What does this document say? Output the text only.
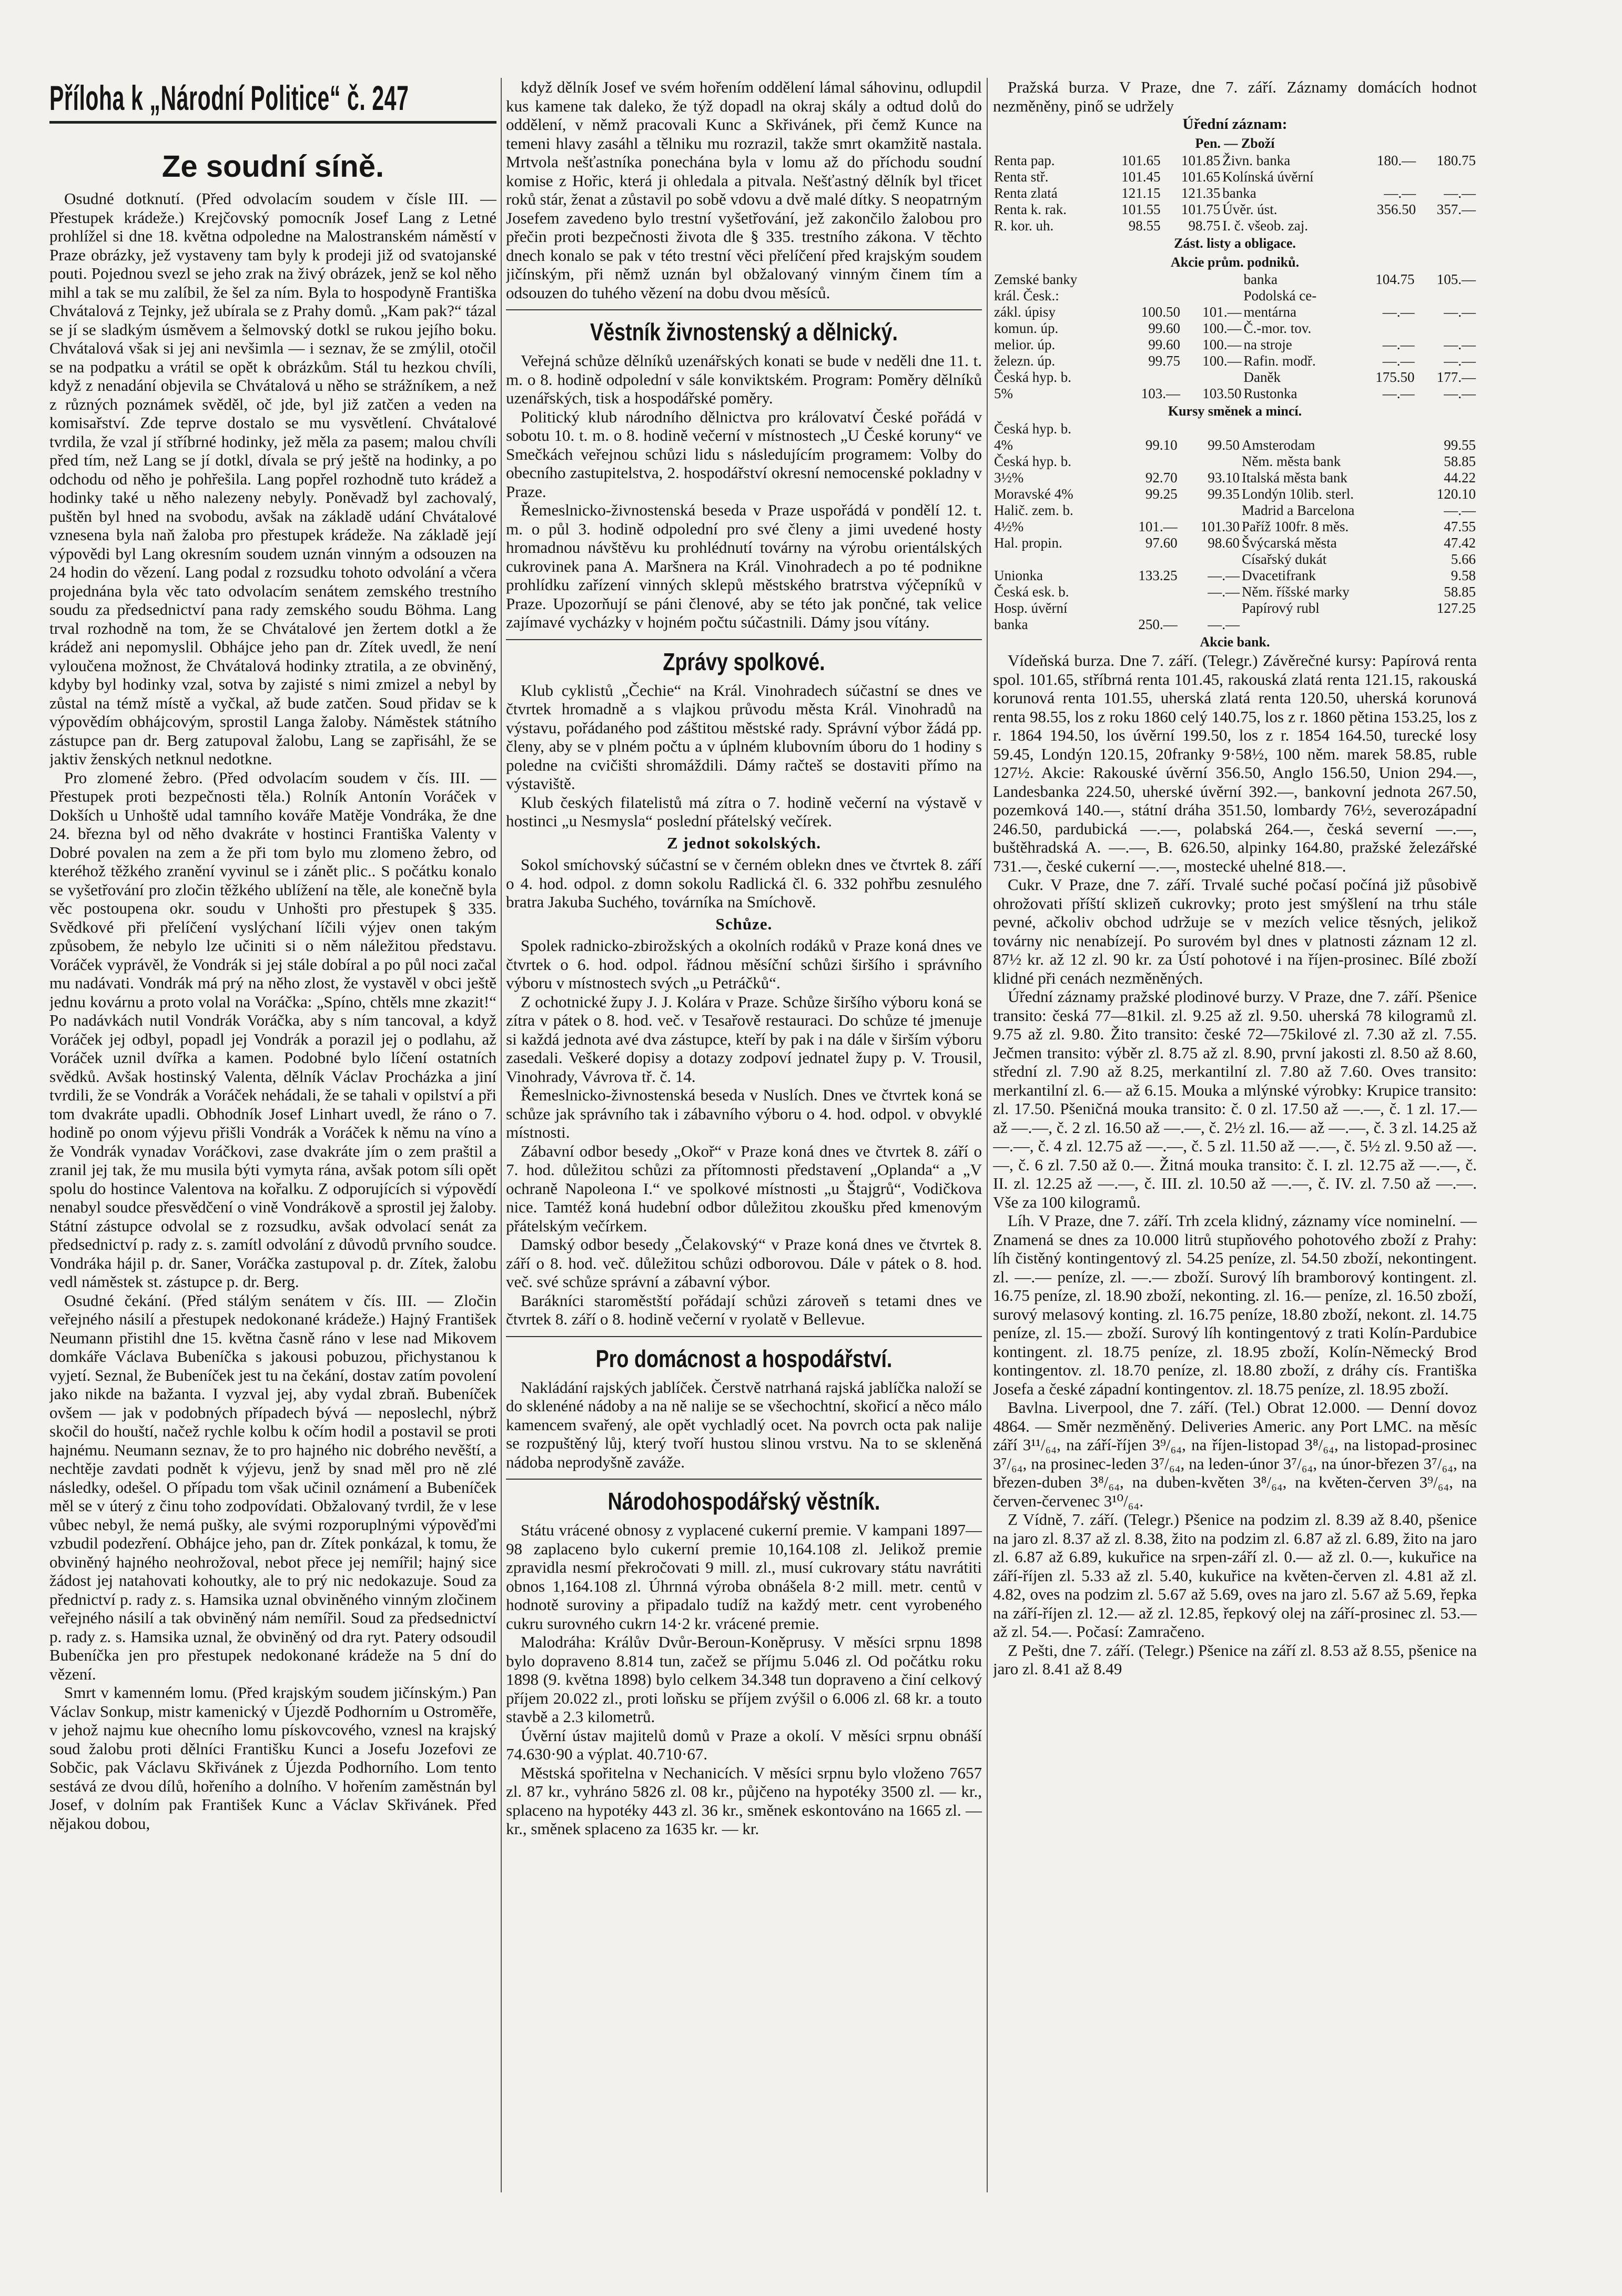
Příloha k „Národní Politice“ č. 247
Ze soudní síně.

Osudné dotknutí. (Před odvolacím soudem v čísle III. — Přestupek krádeže.) Krejčovský pomocník Josef Lang z Letné prohlížel si dne 18. května odpoledne na Malostranském náměstí v Praze obrázky, jež vystaveny tam byly k prodeji již od svatojanské pouti. Pojednou svezl se jeho zrak na živý obrázek, jenž se kol něho mihl a tak se mu zalíbil, že šel za ním. Byla to hospodyně Františka Chvátalová z Tejnky, jež ubírala se z Prahy domů. „Kam pak?“ tázal se jí se sladkým úsměvem a šelmovský dotkl se rukou jejího boku. Chvátalová však si jej ani nevšimla — i seznav, že se zmýlil, otočil se na podpatku a vrátil se opět k obrázkům. Stál tu hezkou chvíli, když z nenadání objevila se Chvátalová u něho se strážníkem, a než z různých poznámek svěděl, oč jde, byl již zatčen a veden na komisařství. Zde teprve dostalo se mu vysvětlení. Chvátalové tvrdila, že vzal jí stříbrné hodinky, jež měla za pasem; malou chvíli před tím, než Lang se jí dotkl, dívala se prý ještě na hodinky, a po odchodu od něho je pohřešila. Lang popřel rozhodně tuto krádež a hodinky také u něho nalezeny nebyly. Poněvadž byl zachovalý, puštěn byl hned na svobodu, avšak na základě udání Chvátalové vznesena byla naň žaloba pro přestupek krádeže. Na základě její výpovědi byl Lang okresním soudem uznán vinným a odsouzen na 24 hodin do vězení. Lang podal z rozsudku tohoto odvolání a včera projednána byla věc tato odvolacím senátem zemského trestního soudu za předsednictví pana rady zemského soudu Böhma. Lang trval rozhodně na tom, že se Chvátalové jen žertem dotkl a že krádež ani nepomyslil. Obhájce jeho pan dr. Zítek uvedl, že není vyloučena možnost, že Chvátalová hodinky ztratila, a ze obviněný, kdyby byl hodinky vzal, sotva by zajisté s nimi zmizel a nebyl by zůstal na témž místě a vyčkal, až bude zatčen. Soud přidav se k výpovědím obhájcovým, sprostil Langa žaloby. Náměstek státního zástupce pan dr. Berg zatupoval žalobu, Lang se zapřisáhl, že se jaktiv ženských netknul nedotkne.

Pro zlomené žebro. (Před odvolacím soudem v čís. III. — Přestupek proti bezpečnosti těla.) Rolník Antonín Voráček v Dokších u Unhoště udal tamního kováře Matěje Vondráka, že dne 24. března byl od něho dvakráte v hostinci Františka Valenty v Dobré povalen na zem a že při tom bylo mu zlomeno žebro, od kteréhož těžkého zranění vyvinul se i zánět plic.. S počátku konalo se vyšetřování pro zločin těžkého ublížení na těle, ale konečně byla věc postoupena okr. soudu v Unhošti pro přestupek § 335. Svědkové při přelíčení vyslýchaní líčili výjev onen takým způsobem, že nebylo lze učiniti si o něm náležitou představu. Voráček vyprávěl, že Vondrák si jej stále dobíral a po půl noci začal mu nadávati. Vondrák má prý na něho zlost, že vystavěl v obci ještě jednu kovárnu a proto volal na Voráčka: „Spíno, chtěls mne zkazit!“ Po nadávkách nutil Vondrák Voráčka, aby s ním tancoval, a když Voráček jej odbyl, popadl jej Vondrák a porazil jej o podlahu, až Voráček uznil dvířka a kamen. Podobné bylo líčení ostatních svědků. Avšak hostinský Valenta, dělník Václav Procházka a jiní tvrdili, že se Vondrák a Voráček nehádali, že se tahali v opilství a při tom dvakráte upadli. Obhodník Josef Linhart uvedl, že ráno o 7. hodině po onom výjevu přišli Vondrák a Voráček k němu na víno a že Vondrák vynadav Voráčkovi, zase dvakráte jím o zem praštil a zranil jej tak, že mu musila býti vymyta rána, avšak potom síli opět spolu do hostince Valentova na kořalku. Z odporujících si výpovědí nenabyl soudce přesvědčení o vině Vondrákově a sprostil jej žaloby. Státní zástupce odvolal se z rozsudku, avšak odvolací senát za předsednictví p. rady z. s. zamítl odvolání z důvodů prvního soudce. Vondráka hájil p. dr. Saner, Voráčka zastupoval p. dr. Zítek, žalobu vedl náměstek st. zástupce p. dr. Berg.

Osudné čekání. (Před stálým senátem v čís. III. — Zločin veřejného násilí a přestupek nedokonané krádeže.) Hajný František Neumann přistihl dne 15. května časně ráno v lese nad Mikovem domkáře Václava Bubeníčka s jakousi pobuzou, přichystanou k vyjetí. Seznal, že Bubeníček jest tu na čekání, dostav zatím povolení jako nikde na bažanta. I vyzval jej, aby vydal zbraň. Bubeníček ovšem — jak v podobných případech bývá — neposlechl, nýbrž skočil do houští, načež rychle kolbu k očím hodil a postavil se proti hajnému. Neumann seznav, že to pro hajného nic dobrého nevěští, a nechtěje zavdati podnět k výjevu, jenž by snad měl pro ně zlé následky, odešel. O případu tom však učinil oznámení a Bubeníček měl se v úterý z činu toho zodpovídati. Obžalovaný tvrdil, že v lese vůbec nebyl, že nemá pušky, ale svými rozporuplnými výpověďmi vzbudil podezření. Obhájce jeho, pan dr. Zítek ponkázal, k tomu, že obviněný hajného neohrožoval, nebot přece jej nemířil; hajný sice žádost jej natahovati kohoutky, ale to prý nic nedokazuje. Soud za přednictví p. rady z. s. Hamsika uznal obviněného vinným zločinem veřejného násilí a tak obviněný nám nemířil. Soud za předsednictví p. rady z. s. Hamsika uznal, že obviněný od dra ryt. Patery odsoudil Bubeníčka jen pro přestupek nedokonané krádeže na 5 dní do vězení.

Smrt v kamenném lomu. (Před krajským soudem jičínským.) Pan Václav Sonkup, mistr kamenický v Újezdě Podhorním u Ostroměře, v jehož najmu kue ohecního lomu pískovcového, vznesl na krajský soud žalobu proti dělníci Františku Kunci a Josefu Jozefovi ze Sobčic, pak Václavu Skřivánek z Újezda Podhorního. Lom tento sestává ze dvou dílů, hořeního a dolního. V hořením zaměstnán byl Josef, v dolním pak František Kunc a Václav Skřivánek. Před nějakou dobou,

když dělník Josef ve svém hořením oddělení lámal sáhovinu, odlupdil kus kamene tak daleko, že týž dopadl na okraj skály a odtud dolů do oddělení, v němž pracovali Kunc a Skřivánek, při čemž Kunce na temeni hlavy zasáhl a tělniku mu rozrazil, takže smrt okamžitě nastala. Mrtvola nešťastníka ponechána byla v lomu až do příchodu soudní komise z Hořic, která ji ohledala a pitvala. Nešťastný dělník byl třicet roků stár, ženat a zůstavil po sobě vdovu a dvě malé dítky. S neopatrným Josefem zavedeno bylo trestní vyšetřování, jež zakončilo žalobou pro přečin proti bezpečnosti života dle § 335. trestního zákona. V těchto dnech konalo se pak v této trestní věci přelíčení před krajským soudem jičínským, při němž uznán byl obžalovaný vinným činem tím a odsouzen do tuhého vězení na dobu dvou měsíců.

Věstník živnostenský a dělnický.

Veřejná schůze dělníků uzenářských konati se bude v neděli dne 11. t. m. o 8. hodině odpolední v sále konviktském. Program: Poměry dělníků uzenářských, tisk a hospodářské poměry.

Politický klub národního dělnictva pro královatví České pořádá v sobotu 10. t. m. o 8. hodině večerní v místnostech „U České koruny“ ve Smečkách veřejnou schůzi lidu s následujícím programem: Volby do obecního zastupitelstva, 2. hospodářství okresní nemocenské pokladny v Praze.

Řemeslnicko-živnostenská beseda v Praze uspořádá v pondělí 12. t. m. o půl 3. hodině odpolední pro své členy a jimi uvedené hosty hromadnou návštěvu ku prohlédnutí továrny na výrobu orientálských cukrovinek pana A. Maršnera na Král. Vinohradech a po té podnikne prohlídku zařízení vinných sklepů městského bratrstva výčepníků v Praze. Upozorňují se páni členové, aby se této jak pončné, tak velice zajímavé vycházky v hojném počtu súčastnili. Dámy jsou vítány.

Zprávy spolkové.

Klub cyklistů „Čechie“ na Král. Vinohradech súčastní se dnes ve čtvrtek hromadně a s vlajkou průvodu města Král. Vinohradů na výstavu, pořádaného pod záštitou městské rady. Správní výbor žádá pp. členy, aby se v plném počtu a v úplném klubovním úboru do 1 hodiny s poledne na cvičišti shromáždili. Dámy račteš se dostaviti přímo na výstaviště.

Klub českých filatelistů má zítra o 7. hodině večerní na výstavě v hostinci „u Nesmysla“ poslední přátelský večírek.

Z jednot sokolských.

Sokol smíchovský súčastní se v černém oblekn dnes ve čtvrtek 8. září o 4. hod. odpol. z domn sokolu Radlická čl. 6. 332 pohřbu zesnulého bratra Jakuba Suchého, továrníka na Smíchově.

Schůze.

Spolek radnicko-zbirožských a okolních rodáků v Praze koná dnes ve čtvrtek o 6. hod. odpol. řádnou měsíční schůzi širšího i správního výboru v místnostech svých „u Petráčků“.

Z ochotnické župy J. J. Kolára v Praze. Schůze širšího výboru koná se zítra v pátek o 8. hod. več. v Tesařově restauraci. Do schůze té jmenuje si každá jednota avé dva zástupce, kteří by pak i na dále v širším výboru zasedali. Veškeré dopisy a dotazy zodpoví jednatel župy p. V. Trousil, Vinohrady, Vávrova tř. č. 14.

Řemeslnicko-živnostenská beseda v Nuslích. Dnes ve čtvrtek koná se schůze jak správního tak i zábavního výboru o 4. hod. odpol. v obvyklé místnosti.

Zábavní odbor besedy „Okoř“ v Praze koná dnes ve čtvrtek 8. září o 7. hod. důležitou schůzi za přítomnosti představení „Oplanda“ a „V ochraně Napoleona I.“ ve spolkové místnosti „u Štajgrů“, Vodičkova nice. Tamtéž koná hudební odbor důležitou zkoušku před kmenovým přátelským večírkem.

Damský odbor besedy „Čelakovský“ v Praze koná dnes ve čtvrtek 8. září o 8. hod. več. důležitou schůzi odborovou. Dále v pátek o 8. hod. več. své schůze správní a zábavní výbor.

Barákníci staroměstští pořádají schůzi zároveň s tetami dnes ve čtvrtek 8. září o 8. hodině večerní v ryolatě v Bellevue.

Pro domácnost a hospodářství.

Nakládání rajských jablíček. Čerstvě natrhaná rajská jablíčka naloží se do sklenéné nádoby a na ně nalije se se všechochtní, skořicí a něco málo kamencem svařený, ale opět vychladlý ocet. Na povrch octa pak nalije se rozpuštěný lůj, který tvoří hustou slinou vrstvu. Na to se skleněná nádoba neprodyšně zaváže.

Národohospodářský věstník.

Státu vrácené obnosy z vyplacené cukerní premie. V kampani 1897—98 zaplaceno bylo cukerní premie 10,164.108 zl. Jelikož premie zpravidla nesmí překročovati 9 mill. zl., musí cukrovary státu navrátiti obnos 1,164.108 zl. Úhrnná výroba obnášela 8·2 mill. metr. centů v hodnotě suroviny a připadalo tudíž na každý metr. cent vyrobeného cukru surovného cukrn 14·2 kr. vrácené premie.

Malodráha: Králův Dvůr-Beroun-Koněprusy. V měsíci srpnu 1898 bylo dopraveno 8.814 tun, začež se příjmu 5.046 zl. Od počátku roku 1898 (9. května 1898) bylo celkem 34.348 tun dopraveno a činí celkový příjem 20.022 zl., proti loňsku se příjem zvýšil o 6.006 zl. 68 kr. a touto stavbě a 2.3 kilometrů.

Úvěrní ústav majitelů domů v Praze a okolí. V měsíci srpnu obnáší 74.630·90 a výplat. 40.710·67.

Městská spořitelna v Nechanicích. V měsíci srpnu bylo vloženo 7657 zl. 87 kr., vyhráno 5826 zl. 08 kr., půjčeno na hypotéky 3500 zl. — kr., splaceno na hypotéky 443 zl. 36 kr., směnek eskontováno na 1665 zl. — kr., směnek splaceno za 1635 kr. — kr.

Pražská burza. V Praze, dne 7. září. Záznamy domácích hodnot nezměněny, pinő se udržely

Úřední záznam:
Pen. — Zboží
Renta pap.	101.65	101.85	Živn. banka	180.—	180.75
Renta stř.	101.45	101.65	Kolínská úvěrní		
Renta zlatá	121.15	121.35	banka	—.—	—.—
Renta k. rak.	101.55	101.75	Úvěr. úst.	356.50	357.—
R. kor. uh.	98.55	98.75	I. č. všeob. zaj.		
Zást. listy a obligace.
Akcie prům. podniků.
Zemské banky			banka	104.75	105.—
král. Česk.:			Podolská ce-		
zákl. úpisy	100.50	101.—	mentárna	—.—	—.—
komun. úp.	99.60	100.—	Č.-mor. tov.		
melior. úp.	99.60	100.—	na stroje	—.—	—.—
železn. úp.	99.75	100.—	Rafin. modř.	—.—	—.—
Česká hyp. b.			Daněk	175.50	177.—
5%	103.—	103.50	Rustonka	—.—	—.—
Kursy směnek a mincí.
Česká hyp. b.				
4%	99.10	99.50	Amsterodam	99.55
Česká hyp. b.			Něm. města bank	58.85
3½%	92.70	93.10	Italská města bank	44.22
Moravské 4%	99.25	99.35	Londýn 10lib. sterl.	120.10
Halič. zem. b.			Madrid a Barcelona	—.—
4½%	101.—	101.30	Paříž 100fr. 8 měs.	47.55
Hal. propin.	97.60	98.60	Švýcarská města	47.42
			Císařský dukát	5.66
Unionka	133.25	—.—	Dvacetifrank	9.58
Česká esk. b.		—.—	Něm. říšské marky	58.85
Hosp. úvěrní			Papírový rubl	127.25
banka	250.—	—.—		
Akcie bank.

Vídeňská burza. Dne 7. září. (Telegr.) Závěrečné kursy: Papírová renta spol. 101.65, stříbrná renta 101.45, rakouská zlatá renta 121.15, rakouská korunová renta 101.55, uherská zlatá renta 120.50, uherská korunová renta 98.55, los z roku 1860 celý 140.75, los z r. 1860 pětina 153.25, los z r. 1864 194.50, los úvěrní 199.50, los z r. 1854 164.50, turecké losy 59.45, Londýn 120.15, 20franky 9·58½, 100 něm. marek 58.85, ruble 127½. Akcie: Rakouské úvěrní 356.50, Anglo 156.50, Union 294.—, Landesbanka 224.50, uherské úvěrní 392.—, bankovní jednota 267.50, pozemková 140.—, státní dráha 351.50, lombardy 76½, severozápadní 246.50, pardubická —.—, polabská 264.—, česká severní —.—, buštěhradská A. —.—, B. 626.50, alpinky 164.80, pražské železářské 731.—, české cukerní —.—, mostecké uhelné 818.—.

Cukr. V Praze, dne 7. září. Trvalé suché počasí počíná již působivě ohrožovati příští sklizeň cukrovky; proto jest smýšlení na trhu stále pevné, ačkoliv obchod udržuje se v mezích velice těsných, jelikož továrny nic nenabízejí. Po surovém byl dnes v platnosti záznam 12 zl. 87½ kr. až 12 zl. 90 kr. za Ústí pohotové i na říjen-prosinec. Bílé zboží klidné při cenách nezměněných.

Úřední záznamy pražské plodinové burzy. V Praze, dne 7. září. Pšenice transito: česká 77—81kil. zl. 9.25 až zl. 9.50. uherská 78 kilogramů zl. 9.75 až zl. 9.80. Žito transito: české 72—75kilové zl. 7.30 až zl. 7.55. Ječmen transito: výběr zl. 8.75 až zl. 8.90, první jakosti zl. 8.50 až 8.60, střední zl. 7.90 až 8.25, merkantilní zl. 7.80 až 7.60. Oves transito: merkantilní zl. 6.— až 6.15. Mouka a mlýnské výrobky: Krupice transito: zl. 17.50. Pšeničná mouka transito: č. 0 zl. 17.50 až —.—, č. 1 zl. 17.— až —.—, č. 2 zl. 16.50 až —.—, č. 2½ zl. 16.— až —.—, č. 3 zl. 14.25 až —.—, č. 4 zl. 12.75 až —.—, č. 5 zl. 11.50 až —.—, č. 5½ zl. 9.50 až —.—, č. 6 zl. 7.50 až 0.—. Žitná mouka transito: č. I. zl. 12.75 až —.—, č. II. zl. 12.25 až —.—, č. III. zl. 10.50 až —.—, č. IV. zl. 7.50 až —.—. Vše za 100 kilogramů.

Líh. V Praze, dne 7. září. Trh zcela klidný, záznamy více nominelní. — Znamená se dnes za 10.000 litrů stupňového pohotového zboží z Prahy: líh čistěný kontingentový zl. 54.25 peníze, zl. 54.50 zboží, nekontingent. zl. —.— peníze, zl. —.— zboží. Surový líh bramborový kontingent. zl. 16.75 peníze, zl. 18.90 zboží, nekonting. zl. 16.— peníze, zl. 16.50 zboží, surový melasový konting. zl. 16.75 peníze, 18.80 zboží, nekont. zl. 14.75 peníze, zl. 15.— zboží. Surový líh kontingentový z trati Kolín-Pardubice kontingent. zl. 18.75 peníze, zl. 18.95 zboží, Kolín-Německý Brod kontingentov. zl. 18.70 peníze, zl. 18.80 zboží, z dráhy cís. Františka Josefa a české západní kontingentov. zl. 18.75 peníze, zl. 18.95 zboží.

Bavlna. Liverpool, dne 7. září. (Tel.) Obrat 12.000. — Denní dovoz 4864. — Směr nezměněný. Deliveries Americ. any Port LMC. na měsíc září 3¹¹/₆₄, na září-říjen 3⁹/₆₄, na říjen-listopad 3⁸/₆₄, na listopad-prosinec 3⁷/₆₄, na prosinec-leden 3⁷/₆₄, na leden-únor 3⁷/₆₄, na únor-březen 3⁷/₆₄, na březen-duben 3⁸/₆₄, na duben-květen 3⁸/₆₄, na květen-červen 3⁹/₆₄, na červen-červenec 3¹⁰/₆₄.

Z Vídně, 7. září. (Telegr.) Pšenice na podzim zl. 8.39 až 8.40, pšenice na jaro zl. 8.37 až zl. 8.38, žito na podzim zl. 6.87 až zl. 6.89, žito na jaro zl. 6.87 až 6.89, kukuřice na srpen-září zl. 0.— až zl. 0.—, kukuřice na září-říjen zl. 5.33 až zl. 5.40, kukuřice na květen-červen zl. 4.81 až zl. 4.82, oves na podzim zl. 5.67 až 5.69, oves na jaro zl. 5.67 až 5.69, řepka na září-říjen zl. 12.— až zl. 12.85, řepkový olej na září-prosinec zl. 53.— až zl. 54.—. Počasí: Zamračeno.

Z Pešti, dne 7. září. (Telegr.) Pšenice na září zl. 8.53 až 8.55, pšenice na jaro zl. 8.41 až 8.49
